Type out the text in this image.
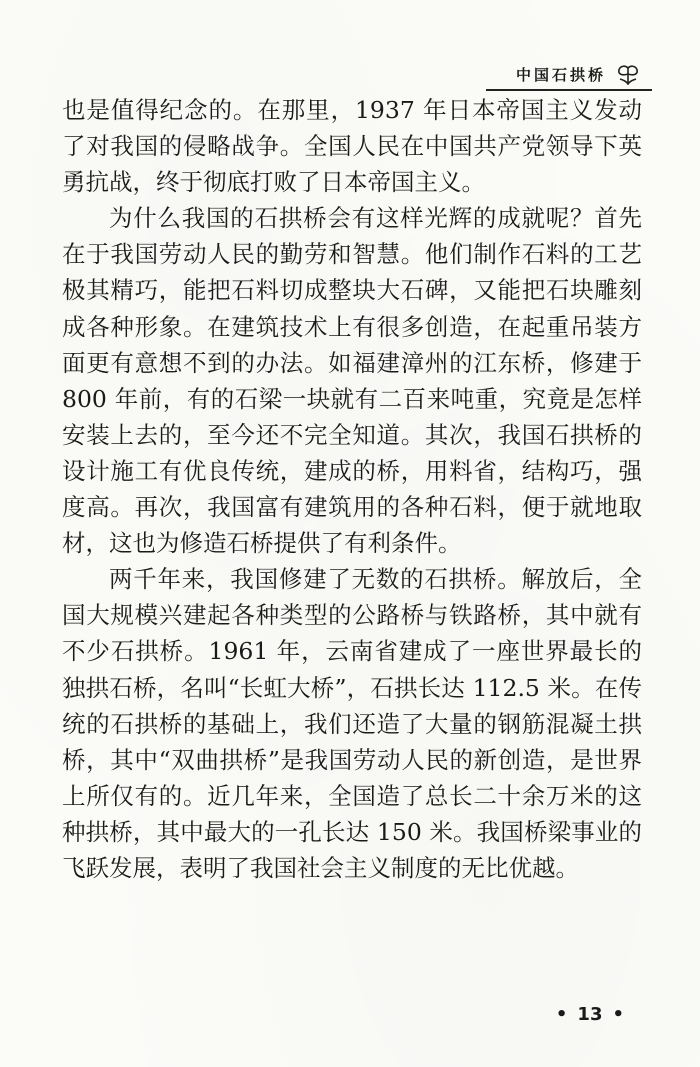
中国石拱桥

也是值得纪念的。在那里，1937 年日本帝国主义发动了对我国的侵略战争。全国人民在中国共产党领导下英勇抗战，终于彻底打败了日本帝国主义。

为什么我国的石拱桥会有这样光辉的成就呢？首先在于我国劳动人民的勤劳和智慧。他们制作石料的工艺极其精巧，能把石料切成整块大石碑，又能把石块雕刻成各种形象。在建筑技术上有很多创造，在起重吊装方面更有意想不到的办法。如福建漳州的江东桥，修建于 800 年前，有的石梁一块就有二百来吨重，究竟是怎样安装上去的，至今还不完全知道。其次，我国石拱桥的设计施工有优良传统，建成的桥，用料省，结构巧，强度高。再次，我国富有建筑用的各种石料，便于就地取材，这也为修造石桥提供了有利条件。

两千年来，我国修建了无数的石拱桥。解放后，全国大规模兴建起各种类型的公路桥与铁路桥，其中就有不少石拱桥。1961 年，云南省建成了一座世界最长的独拱石桥，名叫“长虹大桥”，石拱长达 112.5 米。在传统的石拱桥的基础上，我们还造了大量的钢筋混凝土拱桥，其中“双曲拱桥”是我国劳动人民的新创造，是世界上所仅有的。近几年来，全国造了总长二十余万米的这种拱桥，其中最大的一孔长达 150 米。我国桥梁事业的飞跃发展，表明了我国社会主义制度的无比优越。

• 13 •
